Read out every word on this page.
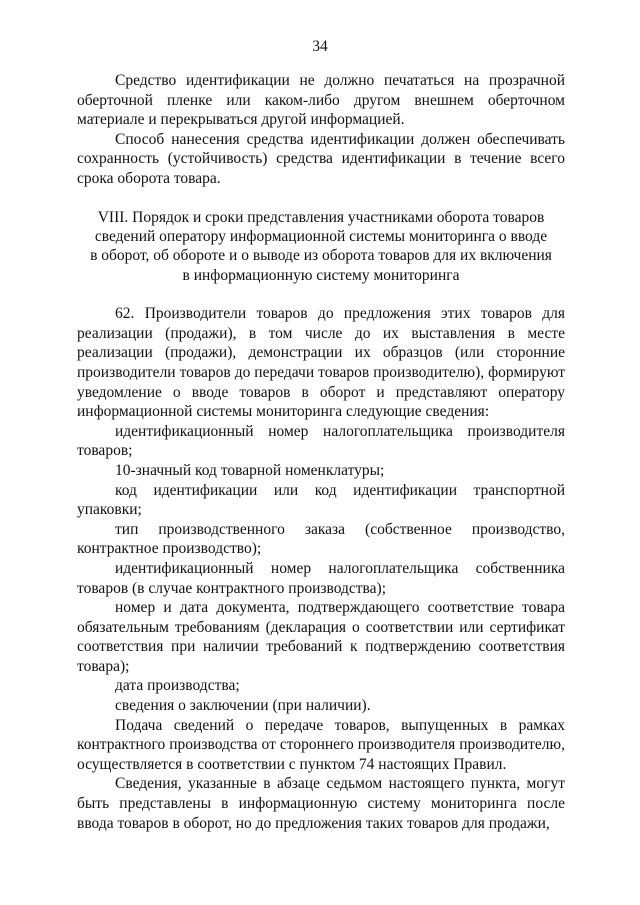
34

Средство идентификации не должно печататься на прозрачной оберточной пленке или каком-либо другом внешнем оберточном материале и перекрываться другой информацией.

Способ нанесения средства идентификации должен обеспечивать сохранность (устойчивость) средства идентификации в течение всего срока оборота товара.

VIII. Порядок и сроки представления участниками оборота товаров
сведений оператору информационной системы мониторинга о вводе
в оборот, об обороте и о выводе из оборота товаров для их включения
в информационную систему мониторинга

62. Производители товаров до предложения этих товаров для реализации (продажи), в том числе до их выставления в месте реализации (продажи), демонстрации их образцов (или сторонние производители товаров до передачи товаров производителю), формируют уведомление о вводе товаров в оборот и представляют оператору информационной системы мониторинга следующие сведения:

идентификационный номер налогоплательщика производителя товаров;

10-значный код товарной номенклатуры;

код идентификации или код идентификации транспортной упаковки;

тип производственного заказа (собственное производство, контрактное производство);

идентификационный номер налогоплательщика собственника товаров (в случае контрактного производства);

номер и дата документа, подтверждающего соответствие товара обязательным требованиям (декларация о соответствии или сертификат соответствия при наличии требований к подтверждению соответствия товара);

дата производства;

сведения о заключении (при наличии).

Подача сведений о передаче товаров, выпущенных в рамках контрактного производства от стороннего производителя производителю, осуществляется в соответствии с пунктом 74 настоящих Правил.

Сведения, указанные в абзаце седьмом настоящего пункта, могут быть представлены в информационную систему мониторинга после ввода товаров в оборот, но до предложения таких товаров для продажи,
